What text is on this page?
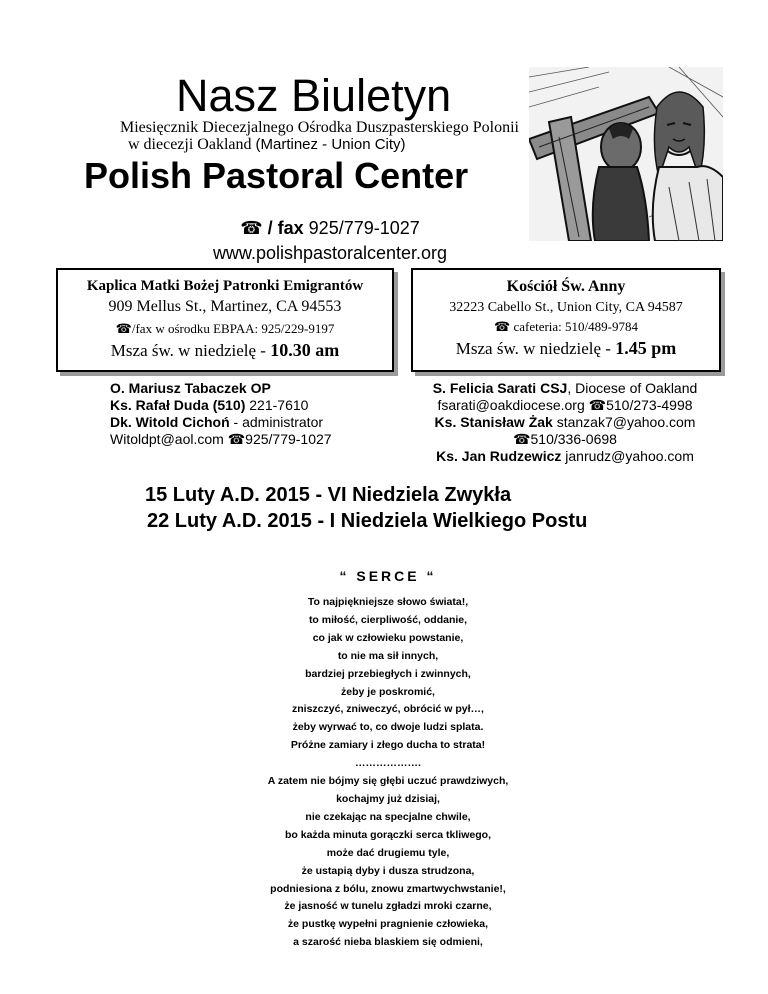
Nasz Biuletyn
Miesięcznik Diecezjalnego Ośrodka Duszpasterskiego Polonii
w diecezji Oakland (Martinez - Union City)
Polish Pastoral Center
☎ / fax 925/779-1027
www.polishpastoralcenter.org
Kaplica Matki Bożej Patronki Emigrantów
909 Mellus St., Martinez, CA 94553
☎/fax w ośrodku EBPAA: 925/229-9197
Msza św. w niedzielę - 10.30 am
Kościół Św. Anny
32223 Cabello St., Union City, CA 94587
☎ cafeteria: 510/489-9784
Msza św. w niedzielę - 1.45 pm
O. Mariusz Tabaczek OP
Ks. Rafał Duda (510) 221-7610
Dk. Witold Cichoń - administrator
Witoldpt@aol.com ☎925/779-1027
S. Felicia Sarati CSJ, Diocese of Oakland
fsarati@oakdiocese.org ☎510/273-4998
Ks. Stanisław Żak stanzak7@yahoo.com
☎510/336-0698
Ks. Jan Rudzewicz janrudz@yahoo.com
15 Luty A.D. 2015 - VI Niedziela Zwykła
22 Luty A.D. 2015 - I Niedziela Wielkiego Postu
“ SERCE “
To najpiękniejsze słowo świata!,
to miłość, cierpliwość, oddanie,
co jak w człowieku powstanie,
to nie ma sił innych,
bardziej przebiegłych i zwinnych,
żeby je poskromić,
zniszczyć, zniweczyć, obrócić w pył…,
żeby wyrwać to, co dwoje ludzi splata.
Próżne zamiary i złego ducha to strata!
……………….
A zatem nie bójmy się głębi uczuć prawdziwych,
kochajmy już dzisiaj,
nie czekając na specjalne chwile,
bo każda minuta gorączki serca tkliwego,
może dać drugiemu tyle,
że ustapią dyby i dusza strudzona,
podniesiona z bólu, znowu zmartwychwstanie!,
że jasność w tunelu zgładzi mroki czarne,
że pustkę wypełni pragnienie człowieka,
a szarość nieba blaskiem się odmieni,
